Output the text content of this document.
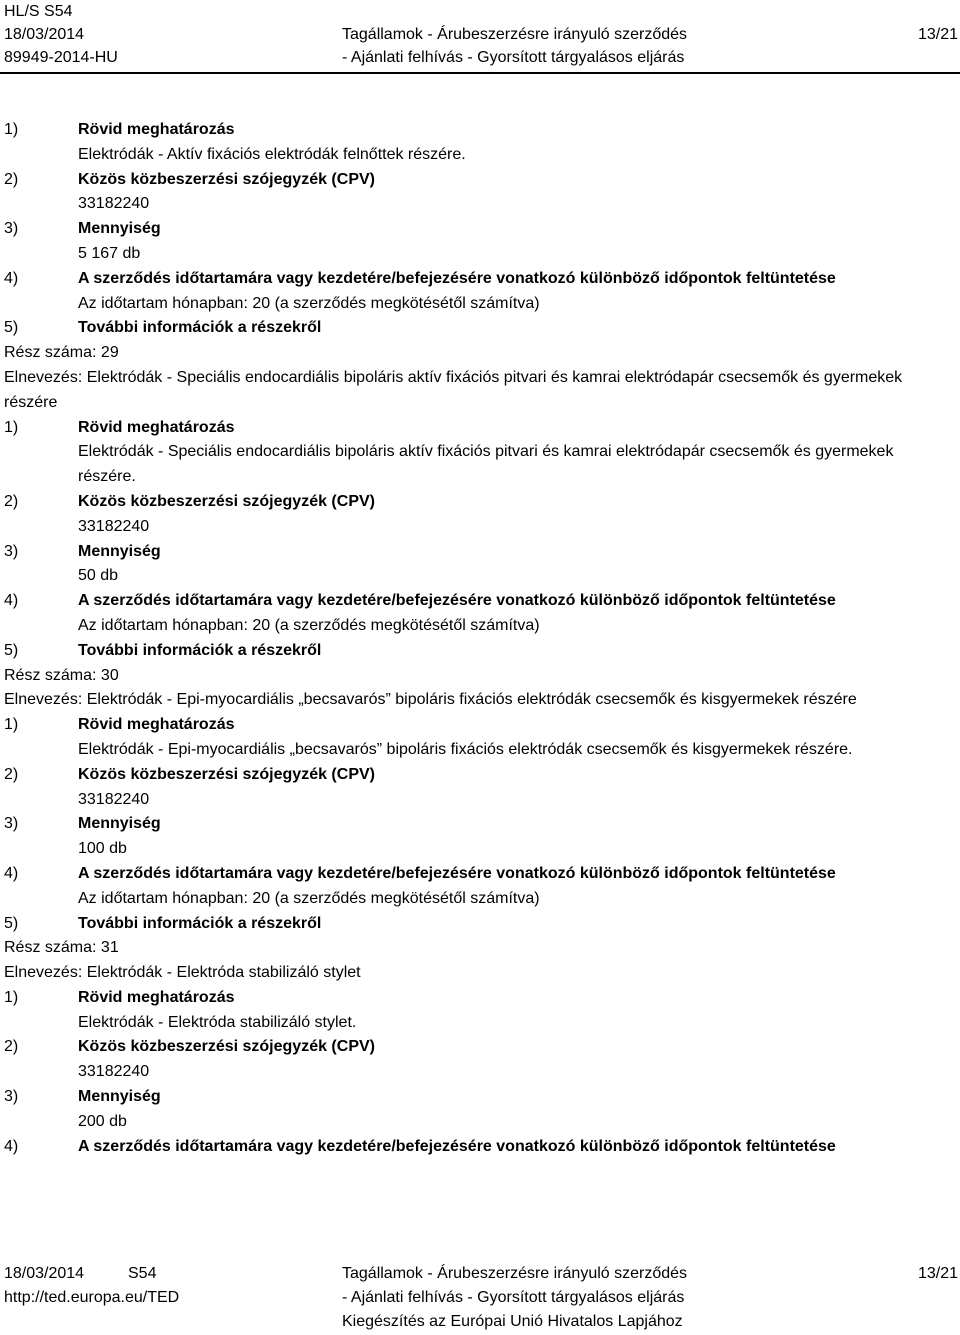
HL/S S54
18/03/2014	Tagállamok - Árubeszerzésre irányuló szerződés	13/21
89949-2014-HU	- Ajánlati felhívás - Gyorsított tárgyalásos eljárás
1)	Rövid meghatározás
Elektródák - Aktív fixációs elektródák felnőttek részére.
2)	Közös közbeszerzési szójegyzék (CPV)
33182240
3)	Mennyiség
5 167 db
4)	A szerződés időtartamára vagy kezdetére/befejezésére vonatkozó különböző időpontok feltüntetése
Az időtartam hónapban: 20 (a szerződés megkötésétől számítva)
5)	További információk a részekről
Rész száma: 29
Elnevezés: Elektródák - Speciális endocardiális bipoláris aktív fixációs pitvari és kamrai elektródapár csecsemők és gyermekek részére
1)	Rövid meghatározás
Elektródák - Speciális endocardiális bipoláris aktív fixációs pitvari és kamrai elektródapár csecsemők és gyermekek részére.
2)	Közös közbeszerzési szójegyzék (CPV)
33182240
3)	Mennyiség
50 db
4)	A szerződés időtartamára vagy kezdetére/befejezésére vonatkozó különböző időpontok feltüntetése
Az időtartam hónapban: 20 (a szerződés megkötésétől számítva)
5)	További információk a részekről
Rész száma: 30
Elnevezés: Elektródák - Epi-myocardiális „becsavarós” bipoláris fixációs elektródák csecsemők és kisgyermekek részére
1)	Rövid meghatározás
Elektródák - Epi-myocardiális „becsavarós” bipoláris fixációs elektródák csecsemők és kisgyermekek részére.
2)	Közös közbeszerzési szójegyzék (CPV)
33182240
3)	Mennyiség
100 db
4)	A szerződés időtartamára vagy kezdetére/befejezésére vonatkozó különböző időpontok feltüntetése
Az időtartam hónapban: 20 (a szerződés megkötésétől számítva)
5)	További információk a részekről
Rész száma: 31
Elnevezés: Elektródák - Elektróda stabilizáló stylet
1)	Rövid meghatározás
Elektródák - Elektróda stabilizáló stylet.
2)	Közös közbeszerzési szójegyzék (CPV)
33182240
3)	Mennyiség
200 db
4)	A szerződés időtartamára vagy kezdetére/befejezésére vonatkozó különböző időpontok feltüntetése
18/03/2014	S54	Tagállamok - Árubeszerzésre irányuló szerződés	13/21
http://ted.europa.eu/TED	- Ajánlati felhívás - Gyorsított tárgyalásos eljárás
Kiegészítés az Európai Unió Hivatalos Lapjához
